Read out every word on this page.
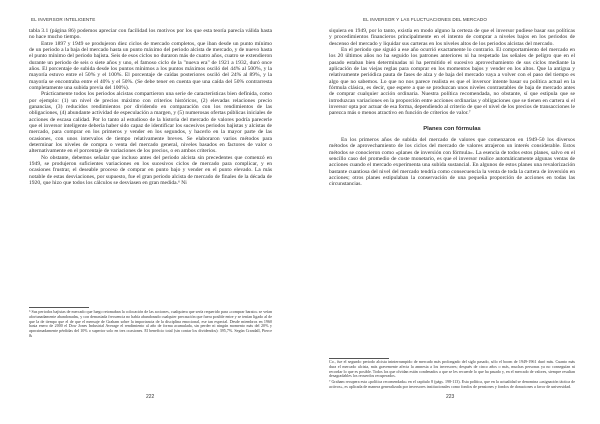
EL INVERSOR INTELIGENTE

tabla 3.1 (página 86) podemos apreciar con facilidad los motivos por los que esta teoría parecía válida hasta no hace mucho tiempo.

Entre 1897 y 1949 se produjeron diez ciclos de mercado completos, que iban desde un punto mínimo de un periodo a la baja del mercado hasta un punto máximo del periodo alcista de mercado, y de nuevo hasta el punto mínimo del periodo bajista. Seis de esos ciclos no duraron más de cuatro años, cuatro se extendieron durante un periodo de seis o siete años y uno, el famoso ciclo de la "nueva era" de 1921 a 1932, duró once años. El porcentaje de subida desde los puntos mínimos a los puntos máximos osciló del 44% al 500%, y la mayoría estuvo entre el 50% y el 100%. El porcentaje de caídas posteriores osciló del 24% al 89%, y la mayoría se encontraba entre el 40% y el 50%. (Se debe tener en cuenta que una caída del 50% contrarresta completamente una subida previa del 100%).

Prácticamente todos los periodos alcistas compartieron una serie de características bien definida, como por ejemplo: (1) un nivel de precios máximo con criterios históricos, (2) elevadas relaciones precio ganancias, (3) reducidos rendimientos por dividendo en comparación con los rendimientos de las obligaciones, (4) abundante actividad de especulación a margen, y (5) numerosas ofertas públicas iniciales de acciones de escasa calidad. Por lo tanto al estudioso de la historia del mercado de valores podría parecerle que el inversor inteligente debería haber sido capaz de identificar los sucesivos periodos bajistas y alcistas de mercado, para comprar en los primeros y vender en los segundos, y hacerlo en la mayor parte de las ocasiones, con unos intervalos de tiempo relativamente breves. Se elaboraron varios métodos para determinar los niveles de compra o venta del mercado general, niveles basados en factores de valor o alternativamente en el porcentaje de variaciones de los precios, o en ambos criterios.

No obstante, debemos señalar que incluso antes del periodo alcista sin precedentes que comenzó en 1949, se produjeron suficientes variaciones en los sucesivos ciclos de mercado para complicar, y en ocasiones frustrar, el deseable proceso de comprar en punto bajo y vender en el punto elevado. La más notable de estas desviaciones, por supuesto, fue el gran periodo alcista de mercado de finales de la década de 1920, que hizo que todos los cálculos se desviasen en gran medida.⁶ Ni

⁶ Sus periodos bajistas de mercado que luego retomaban la colocación de las acciones, cualquiera que sería requerido para «comprar barato» se veían afortunadamente abandonadas, y con demasiada frecuencia no había abandonado cualquier precaución que fuera posible entre y se tenían ligado al de que la de tiempo que el de que el mensaje de Graham sobre la importancia de la disciplina emocional, ese tan especial. Desde miembros en 1960 hasta enero de 2000 el Dow Jones Industrial Average el rendimiento al año de forma acumulada, sin perder ni ningún momento más del 20% y aproximadamente pérdidas del 10% o superior solo en tres ocasiones. El beneficio total (sin contar los dividendos): 395,7%. Según Crandall, Pierce &

222
EL INVERSOR Y LAS FLUCTUACIONES DEL MERCADO

siquiera en 1949, por lo tanto, existía en modo alguno la certeza de que el inversor pudiese basar sus políticas y procedimientos financieros principalmente en el intento de comprar a niveles bajos en los periodos de descenso del mercado y liquidar sus carteras en los niveles altos de los periodos alcistas del mercado.

En el periodo que siguió a ese año ocurrió exactamente lo contrario. El comportamiento del mercado en los 20 últimos años no ha seguido los patrones anteriores ni ha respetado las señales de peligro que en el pasado estaban bien determinadas ni ha permitido el sucesivo aprovechamiento de sus ciclos mediante la aplicación de las viejas reglas para comprar en los momentos bajos y vender en los altos. Que la antigua y relativamente periódica pauta de fases de alza y de baja del mercado vaya a volver con el paso del tiempo es algo que no sabemos. Lo que no nos parece realista es que el inversor intente basar su política actual en la fórmula clásica, es decir, que espere a que se produzcan unos niveles contrastables de baja de mercado antes de comprar cualquier acción ordinaria. Nuestra política recomendada, no obstante, sí que estipula que se introduzcan variaciones en la proporción entre acciones ordinarias y obligaciones que se tienen en cartera si el inversor opta por actuar de esa forma, dependiendo al criterio de que el nivel de los precios de transacciones le parezca más o menos atractivo en función de criterios de valor.⁷

Planes con fórmulas

En los primeros años de subida del mercado de valores que comenzaron en 1949-50 los diversos métodos de aprovechamiento de los ciclos del mercado de valores atrajeron un interés considerable. Estos métodos se conocieron como «planes de inversión con fórmula». La esencia de todos estos planes, salvo en el sencillo caso del promedio de coste monetario, es que el inversor realice automáticamente algunas ventas de acciones cuando el mercado experimenta una subida sustancial. En algunos de estos planes una revalorización bastante cuantiosa del nivel del mercado tendría como consecuencia la venta de toda la cartera de inversión en acciones; otros planes estipulaban la conservación de una pequeña proporción de acciones en todas las circunstancias.

Co., fue el segundo periodo alcista ininterrumpido de mercado más prolongado del siglo pasado, sólo el boom de 1949-1961 duró más. Cuanto más dura el mercado alcista, más gravemente afecta la amnesia a los inversores; después de cinco años o más, muchas personas ya no conseguían ni recordar lo que es posible. Todos los que olvidan están condenados a que se les recuerde lo que ha pasado y, en el mercado de valores, siempre resultan desagradables los recuerdos recuperados.

⁷ Graham recupera esta «política recomendada» en el capítulo 8 (págs. 198-113). Esta política, que en la actualidad se denomina «asignación táctica de activos», es aplicada de manera generalizada por inversores institucionales como fondos de pensiones y fondos de donaciones a favor de universidad.

223
